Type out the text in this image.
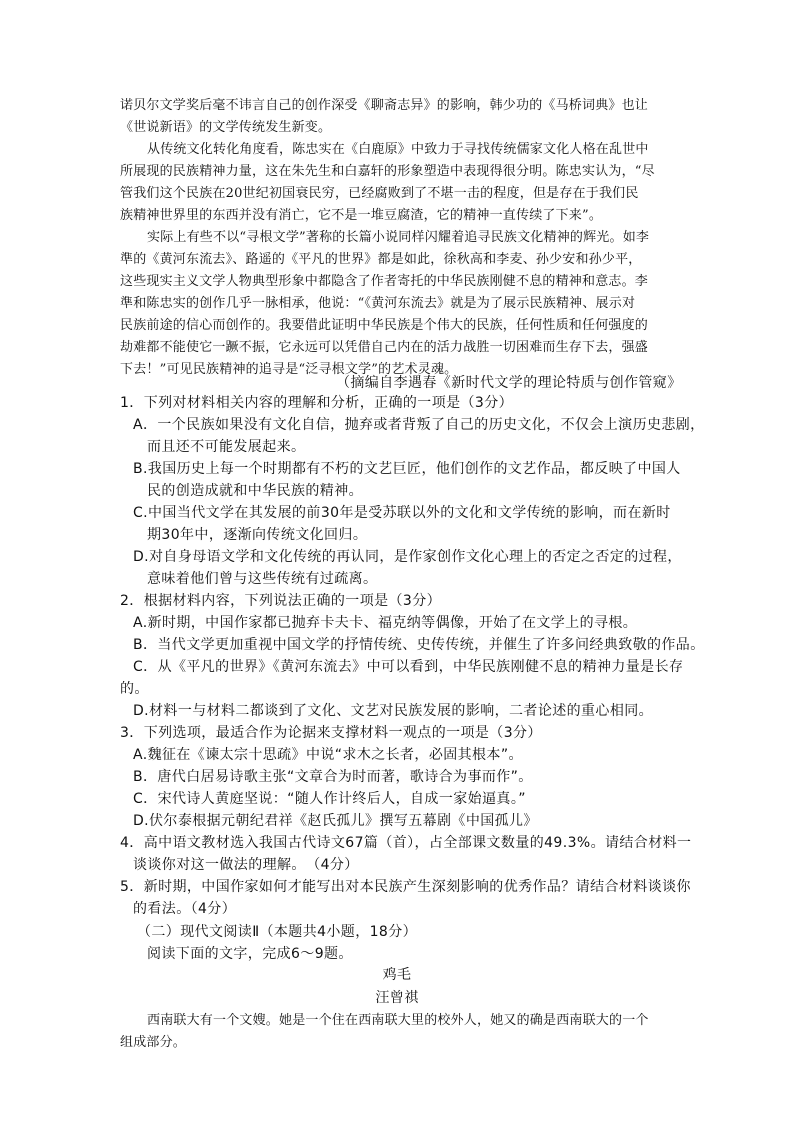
诺贝尔文学奖后毫不讳言自己的创作深受《聊斋志异》的影响，韩少功的《马桥词典》也让
《世说新语》的文学传统发生新变。
从传统文化转化角度看，陈忠实在《白鹿原》中致力于寻找传统儒家文化人格在乱世中
所展现的民族精神力量，这在朱先生和白嘉轩的形象塑造中表现得很分明。陈忠实认为，“尽
管我们这个民族在20世纪初国衰民穷，已经腐败到了不堪一击的程度，但是存在于我们民
族精神世界里的东西并没有消亡，它不是一堆豆腐渣，它的精神一直传续了下来”。
实际上有些不以“寻根文学”著称的长篇小说同样闪耀着追寻民族文化精神的辉光。如李
準的《黄河东流去》、路遥的《平凡的世界》都是如此，徐秋高和李麦、孙少安和孙少平，
这些现实主义文学人物典型形象中都隐含了作者寄托的中华民族刚健不息的精神和意志。李
準和陈忠实的创作几乎一脉相承，他说：“《黄河东流去》就是为了展示民族精神、展示对
民族前途的信心而创作的。我要借此证明中华民族是个伟大的民族，任何性质和任何强度的
劫难都不能使它一蹶不振，它永远可以凭借自己内在的活力战胜一切困难而生存下去，强盛
下去！”可见民族精神的追寻是“泛寻根文学”的艺术灵魂。
（摘编自李遇春《新时代文学的理论特质与创作管窥》
1．下列对材料相关内容的理解和分析，正确的一项是（3分）
A．一个民族如果没有文化自信，抛弃或者背叛了自己的历史文化，不仅会上演历史悲剧，
而且还不可能发展起来。
B.我国历史上每一个时期都有不朽的文艺巨匠，他们创作的文艺作品，都反映了中国人
民的创造成就和中华民族的精神。
C.中国当代文学在其发展的前30年是受苏联以外的文化和文学传统的影响，而在新时
期30年中，逐渐向传统文化回归。
D.对自身母语文学和文化传统的再认同，是作家创作文化心理上的否定之否定的过程，
意味着他们曾与这些传统有过疏离。
2．根据材料内容，下列说法正确的一项是（3分）
A.新时期，中国作家都已抛弃卡夫卡、福克纳等偶像，开始了在文学上的寻根。
B．当代文学更加重视中国文学的抒情传统、史传传统，并催生了许多问经典致敬的作品。
C．从《平凡的世界》《黄河东流去》中可以看到，中华民族刚健不息的精神力量是长存
的。
D.材料一与材料二都谈到了文化、文艺对民族发展的影响，二者论述的重心相同。
3．下列选项，最适合作为论据来支撑材料一观点的一项是（3分）
A.魏征在《谏太宗十思疏》中说“求木之长者，必固其根本”。
B．唐代白居易诗歌主张“文章合为时而著，歌诗合为事而作”。
C．宋代诗人黄庭坚说：“随人作计终后人，自成一家始逼真。”
D.伏尔泰根据元朝纪君祥《赵氏孤儿》撰写五幕剧《中国孤儿》
4．高中语文教材选入我国古代诗文67篇（首），占全部课文数量的49.3%。请结合材料一
谈谈你对这一做法的理解。　（4分）
5．新时期，中国作家如何才能写出对本民族产生深刻影响的优秀作品？请结合材料谈谈你
的看法。（4分）
（二）现代文阅读Ⅱ（本题共4小题，18分）
阅读下面的文字，完成6～9题。
鸡毛
汪曾祺
西南联大有一个文嫂。她是一个住在西南联大里的校外人，她又的确是西南联大的一个
组成部分。
